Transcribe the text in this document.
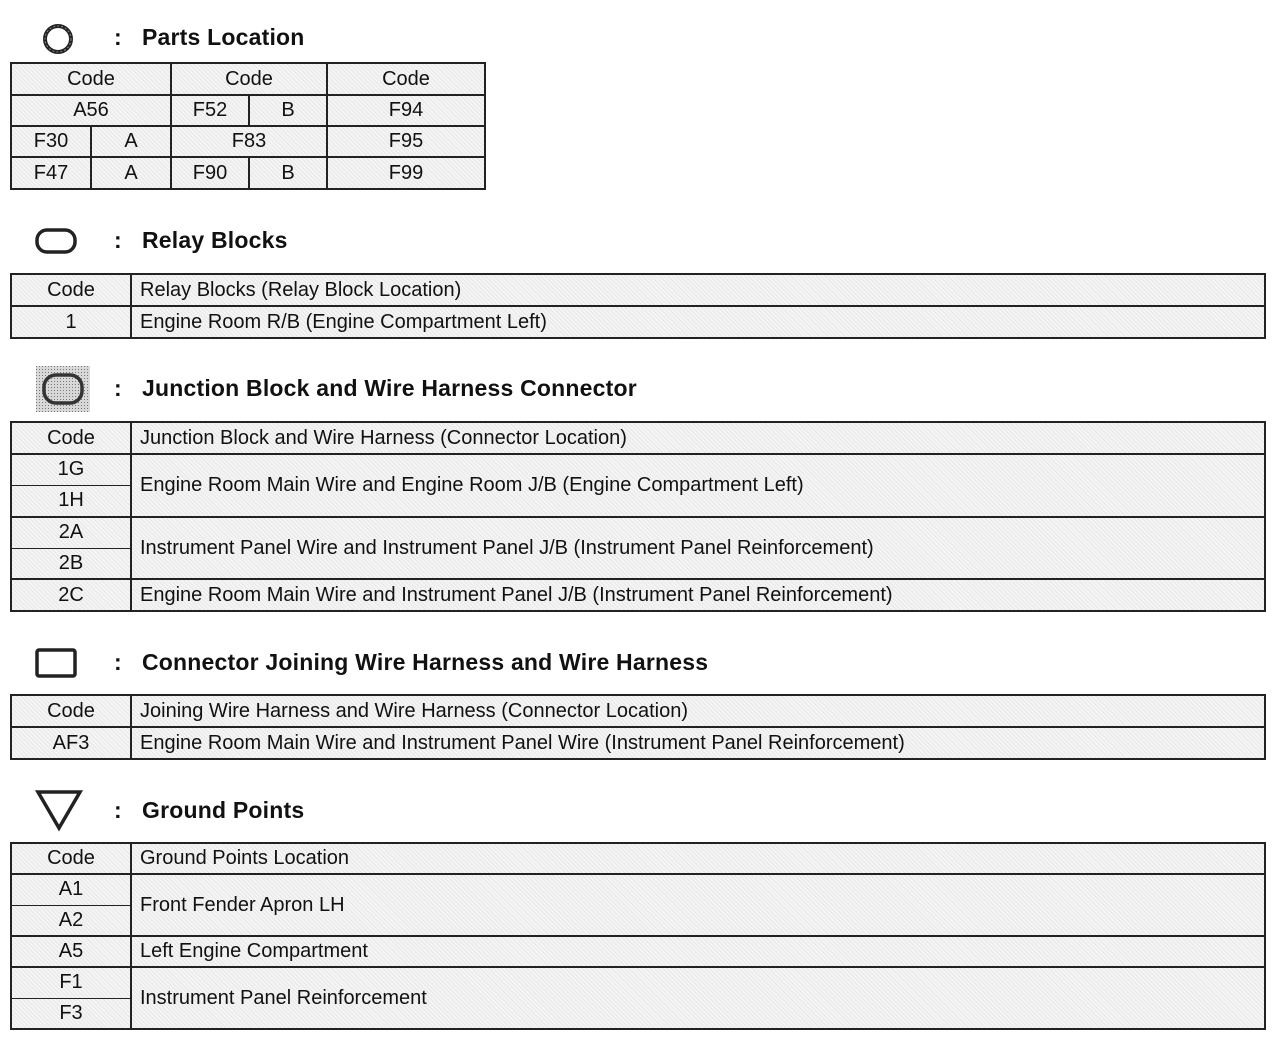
: Parts Location
Code		Code		Code
A56		F52	B	F94
F30	A	F83		F95
F47	A	F90	B	F99
: Relay Blocks
Code	Relay Blocks (Relay Block Location)
1	Engine Room R/B (Engine Compartment Left)
: Junction Block and Wire Harness Connector
Code	Junction Block and Wire Harness (Connector Location)
1G	Engine Room Main Wire and Engine Room J/B (Engine Compartment Left)
1H	
2A	Instrument Panel Wire and Instrument Panel J/B (Instrument Panel Reinforcement)
2B	
2C	Engine Room Main Wire and Instrument Panel J/B (Instrument Panel Reinforcement)
: Connector Joining Wire Harness and Wire Harness
Code	Joining Wire Harness and Wire Harness (Connector Location)
AF3	Engine Room Main Wire and Instrument Panel Wire (Instrument Panel Reinforcement)
: Ground Points
Code	Ground Points Location
A1	Front Fender Apron LH
A2	
A5	Left Engine Compartment
F1	Instrument Panel Reinforcement
F3	
